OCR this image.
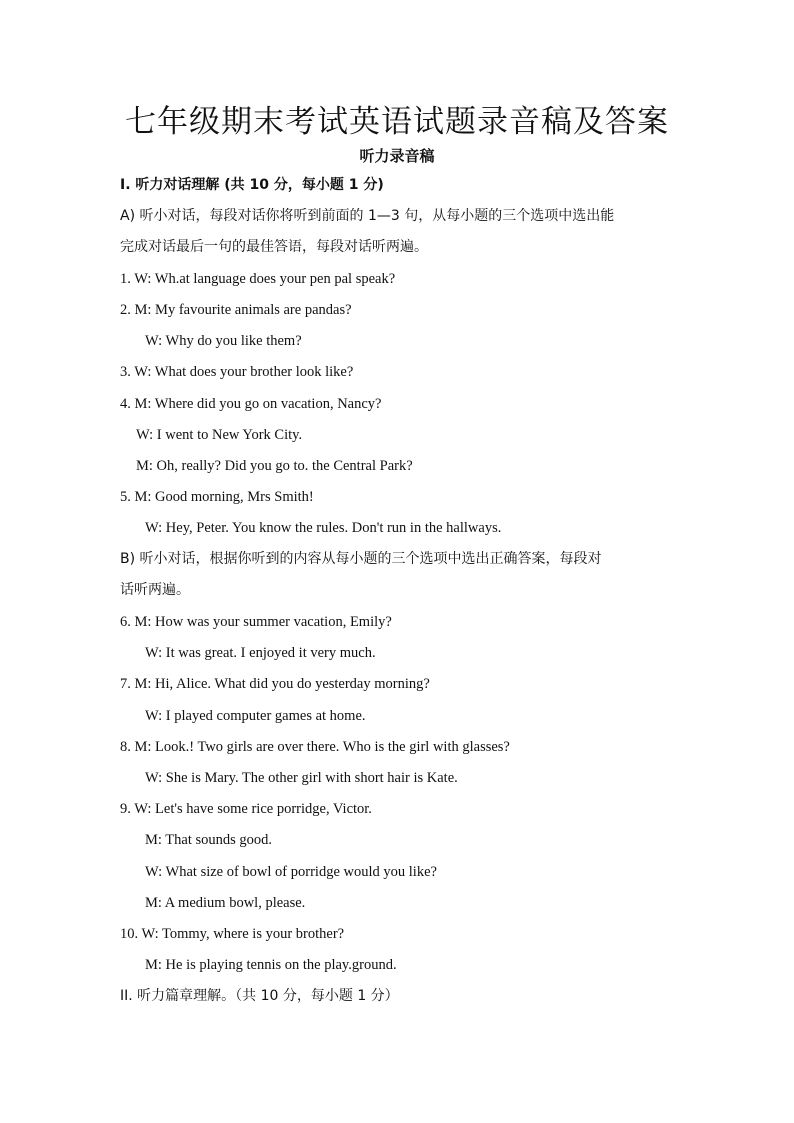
七年级期末考试英语试题录音稿及答案
听力录音稿
I. 听力对话理解 (共 10 分，每小题 1 分)
A) 听小对话，每段对话你将听到前面的 1—3 句，从每小题的三个选项中选出能
完成对话最后一句的最佳答语，每段对话听两遍。
1. W: Wh.at language does your pen pal speak?
2. M: My favourite animals are pandas?
W: Why do you like them?
3. W: What does your brother look like?
4. M: Where did you go on vacation, Nancy?
W: I went to New York City.
M: Oh, really? Did you go to. the Central Park?
5. M: Good morning, Mrs Smith!
W: Hey, Peter. You know the rules. Don't run in the hallways.
B) 听小对话，根据你听到的内容从每小题的三个选项中选出正确答案，每段对
话听两遍。
6. M: How was your summer vacation, Emily?
W: It was great. I enjoyed it very much.
7. M: Hi, Alice. What did you do yesterday morning?
W: I played computer games at home.
8. M: Look.! Two girls are over there. Who is the girl with glasses?
W: She is Mary. The other girl with short hair is Kate.
9. W: Let's have some rice porridge, Victor.
M: That sounds good.
W: What size of bowl of porridge would you like?
M: A medium bowl, please.
10. W: Tommy, where is your brother?
M: He is playing tennis on the play.ground.
II. 听力篇章理解。（共 10 分，每小题 1 分）
